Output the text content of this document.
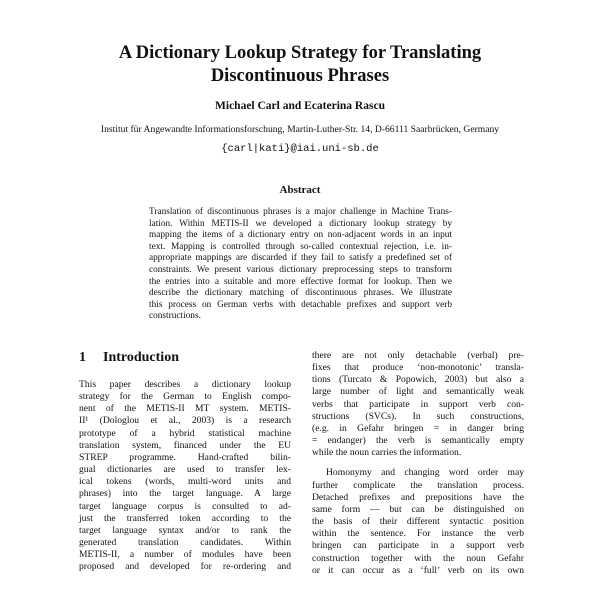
A Dictionary Lookup Strategy for Translating
Discontinuous Phrases
Michael Carl and Ecaterina Rascu
Institut für Angewandte Informationsforschung, Martin-Luther-Str. 14, D-66111 Saarbrücken, Germany
{carl|kati}@iai.uni-sb.de
Abstract
Translation of discontinuous phrases is a major challenge in Machine Trans-
lation. Within METIS-II we developed a dictionary lookup strategy by
mapping the items of a dictionary entry on non-adjacent words in an input
text. Mapping is controlled through so-called contextual rejection, i.e. in-
appropriate mappings are discarded if they fail to satisfy a predefined set of
constraints. We present various dictionary preprocessing steps to transform
the entries into a suitable and more effective format for lookup. Then we
describe the dictionary matching of discontinuous phrases. We illustrate
this process on German verbs with detachable prefixes and support verb
constructions.
1 Introduction
This paper describes a dictionary lookup
strategy for the German to English compo-
nent of the METIS-II MT system. METIS-
II¹ (Dologlou et al., 2003) is a research
prototype of a hybrid statistical machine
translation system, financed under the EU
STREP programme. Hand-crafted bilin-
gual dictionaries are used to transfer lex-
ical tokens (words, multi-word units and
phrases) into the target language. A large
target language corpus is consulted to ad-
just the transferred token according to the
target language syntax and/or to rank the
generated translation candidates. Within
METIS-II, a number of modules have been
proposed and developed for re-ordering and
there are not only detachable (verbal) pre-
fixes that produce ‘non-monotonic’ transla-
tions (Turcato & Popowich, 2003) but also a
large number of light and semantically weak
verbs that participate in support verb con-
structions (SVCs). In such constructions,
(e.g. in Gefahr bringen = in danger bring
= endanger) the verb is semantically empty
while the noun carries the information.
Homonymy and changing word order may
further complicate the translation process.
Detached prefixes and prepositions have the
same form — but can be distinguished on
the basis of their different syntactic position
within the sentence. For instance the verb
bringen can participate in a support verb
construction together with the noun Gefahr
or it can occur as a ‘full’ verb on its own
